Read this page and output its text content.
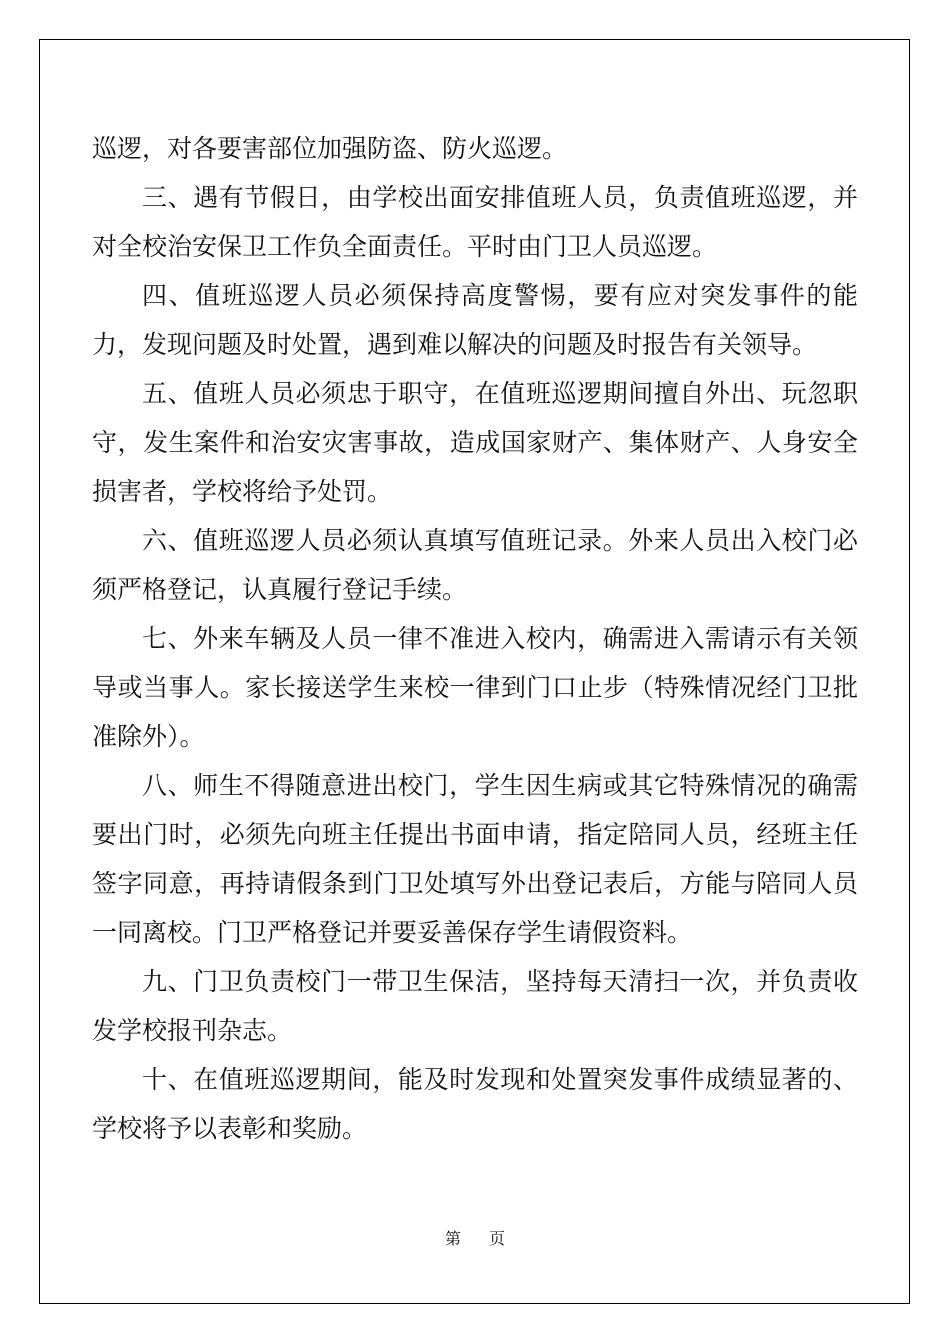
巡逻，对各要害部位加强防盗、防火巡逻。

三、遇有节假日，由学校出面安排值班人员，负责值班巡逻，并对全校治安保卫工作负全面责任。平时由门卫人员巡逻。

四、值班巡逻人员必须保持高度警惕，要有应对突发事件的能力，发现问题及时处置，遇到难以解决的问题及时报告有关领导。

五、值班人员必须忠于职守，在值班巡逻期间擅自外出、玩忽职守，发生案件和治安灾害事故，造成国家财产、集体财产、人身安全损害者，学校将给予处罚。

六、值班巡逻人员必须认真填写值班记录。外来人员出入校门必须严格登记，认真履行登记手续。

七、外来车辆及人员一律不准进入校内，确需进入需请示有关领导或当事人。家长接送学生来校一律到门口止步（特殊情况经门卫批准除外）。

八、师生不得随意进出校门，学生因生病或其它特殊情况的确需要出门时，必须先向班主任提出书面申请，指定陪同人员，经班主任签字同意，再持请假条到门卫处填写外出登记表后，方能与陪同人员一同离校。门卫严格登记并要妥善保存学生请假资料。

九、门卫负责校门一带卫生保洁，坚持每天清扫一次，并负责收发学校报刊杂志。

十、在值班巡逻期间，能及时发现和处置突发事件成绩显著的、学校将予以表彰和奖励。

第 页
